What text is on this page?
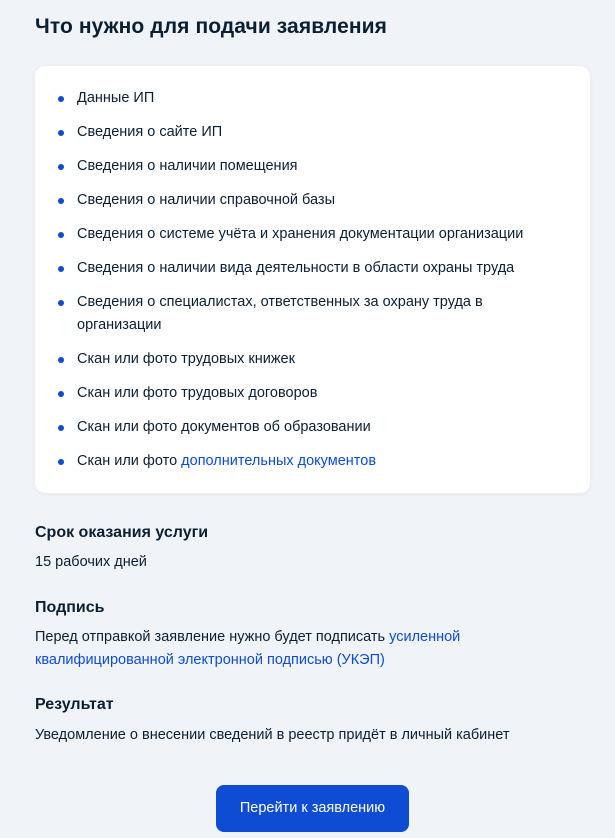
Что нужно для подачи заявления
Данные ИП
Сведения о сайте ИП
Сведения о наличии помещения
Сведения о наличии справочной базы
Сведения о системе учёта и хранения документации организации
Сведения о наличии вида деятельности в области охраны труда
Сведения о специалистах, ответственных за охрану труда в организации
Скан или фото трудовых книжек
Скан или фото трудовых договоров
Скан или фото документов об образовании
Скан или фото дополнительных документов
Срок оказания услуги

15 рабочих дней

Подпись

Перед отправкой заявление нужно будет подписать усиленной квалифицированной электронной подписью (УКЭП)

Результат

Уведомление о внесении сведений в реестр придёт в личный кабинет

Перейти к заявлению
